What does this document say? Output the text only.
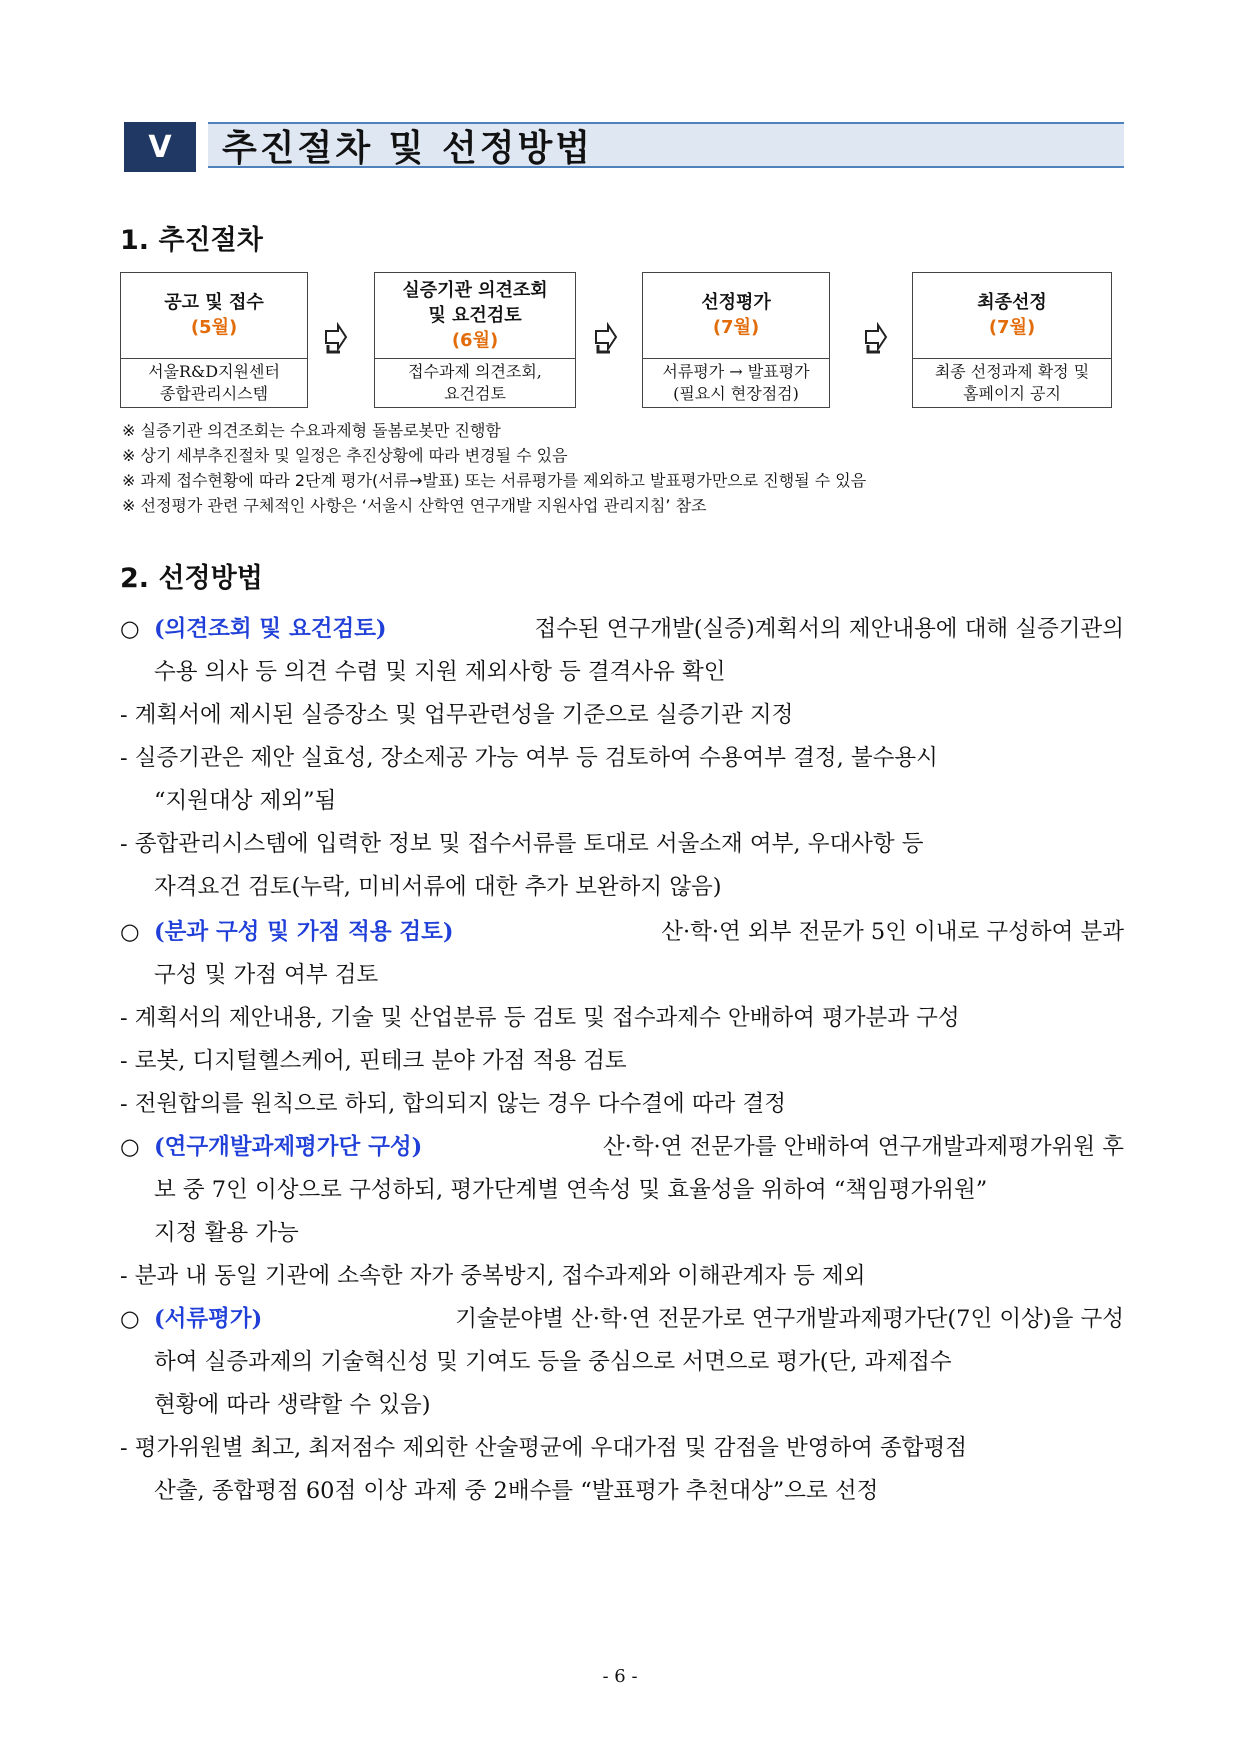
Ⅴ	추진절차 및 선정방법
1. 추진절차
공고 및 접수
(5월)
서울R&D지원센터
종합관리시스템
실증기관 의견조회
및 요건검토
(6월)
접수과제 의견조회,
요건검토
선정평가
(7월)
서류평가 → 발표평가
(필요시 현장점검)
최종선정
(7월)
최종 선정과제 확정 및
홈페이지 공지
※ 실증기관 의견조회는 수요과제형 돌봄로봇만 진행함
※ 상기 세부추진절차 및 일정은 추진상황에 따라 변경될 수 있음
※ 과제 접수현황에 따라 2단계 평가(서류→발표) 또는 서류평가를 제외하고 발표평가만으로 진행될 수 있음
※ 선정평가 관련 구체적인 사항은 ‘서울시 산학연 연구개발 지원사업 관리지침’ 참조
2. 선정방법
○ (의견조회 및 요건검토)	접수된 연구개발(실증)계획서의 제안내용에 대해 실증기관의
수용 의사 등 의견 수렴 및 지원 제외사항 등 결격사유 확인
- 계획서에 제시된 실증장소 및 업무관련성을 기준으로 실증기관 지정
- 실증기관은 제안 실효성, 장소제공 가능 여부 등 검토하여 수용여부 결정, 불수용시
“지원대상 제외”됨
- 종합관리시스템에 입력한 정보 및 접수서류를 토대로 서울소재 여부, 우대사항 등
자격요건 검토(누락, 미비서류에 대한 추가 보완하지 않음)
○ (분과 구성 및 가점 적용 검토)	산·학·연 외부 전문가 5인 이내로 구성하여 분과
구성 및 가점 여부 검토
- 계획서의 제안내용, 기술 및 산업분류 등 검토 및 접수과제수 안배하여 평가분과 구성
- 로봇, 디지털헬스케어, 핀테크 분야 가점 적용 검토
- 전원합의를 원칙으로 하되, 합의되지 않는 경우 다수결에 따라 결정
○ (연구개발과제평가단 구성)	산·학·연 전문가를 안배하여 연구개발과제평가위원 후
보 중 7인 이상으로 구성하되, 평가단계별 연속성 및 효율성을 위하여 “책임평가위원”
지정 활용 가능
- 분과 내 동일 기관에 소속한 자가 중복방지, 접수과제와 이해관계자 등 제외
○ (서류평가)	기술분야별 산·학·연 전문가로 연구개발과제평가단(7인 이상)을 구성
하여 실증과제의 기술혁신성 및 기여도 등을 중심으로 서면으로 평가(단, 과제접수
현황에 따라 생략할 수 있음)
- 평가위원별 최고, 최저점수 제외한 산술평균에 우대가점 및 감점을 반영하여 종합평점
산출, 종합평점 60점 이상 과제 중 2배수를 “발표평가 추천대상”으로 선정
- 6 -
